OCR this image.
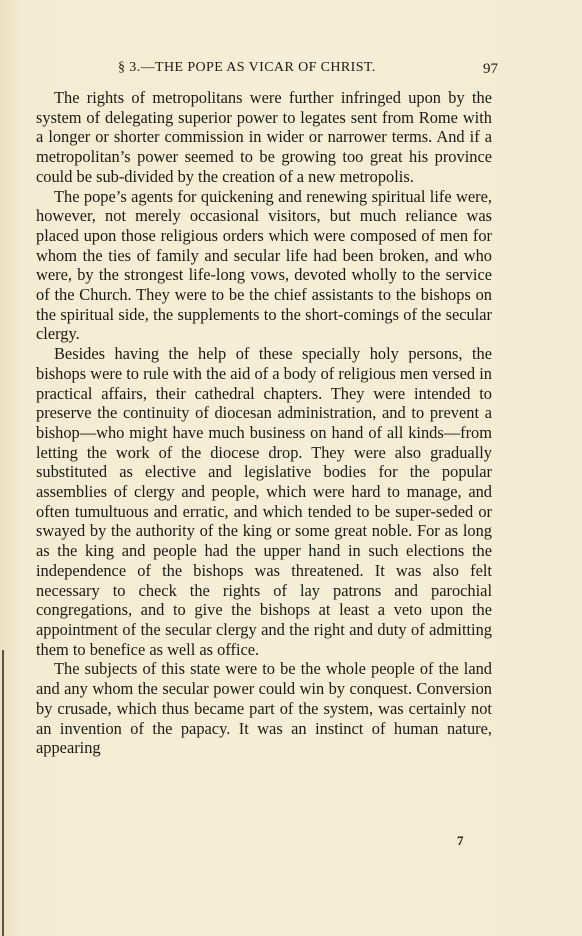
§ 3.—THE POPE AS VICAR OF CHRIST.	97

The rights of metropolitans were further infringed upon by the system of delegating superior power to legates sent from Rome with a longer or shorter commission in wider or narrower terms. And if a metropolitan’s power seemed to be growing too great his province could be sub-divided by the creation of a new metropolis.

The pope’s agents for quickening and renewing spiritual life were, however, not merely occasional visitors, but much reliance was placed upon those religious orders which were composed of men for whom the ties of family and secular life had been broken, and who were, by the strongest life-long vows, devoted wholly to the service of the Church. They were to be the chief assistants to the bishops on the spiritual side, the supplements to the short-comings of the secular clergy.

Besides having the help of these specially holy persons, the bishops were to rule with the aid of a body of religious men versed in practical affairs, their cathedral chapters. They were intended to preserve the continuity of diocesan administration, and to prevent a bishop—who might have much business on hand of all kinds—from letting the work of the diocese drop. They were also gradually substituted as elective and legislative bodies for the popular assemblies of clergy and people, which were hard to manage, and often tumultuous and erratic, and which tended to be super-seded or swayed by the authority of the king or some great noble. For as long as the king and people had the upper hand in such elections the independence of the bishops was threatened. It was also felt necessary to check the rights of lay patrons and parochial congregations, and to give the bishops at least a veto upon the appointment of the secular clergy and the right and duty of admitting them to benefice as well as office.

The subjects of this state were to be the whole people of the land and any whom the secular power could win by conquest. Conversion by crusade, which thus became part of the system, was certainly not an invention of the papacy. It was an instinct of human nature, appearing

7
